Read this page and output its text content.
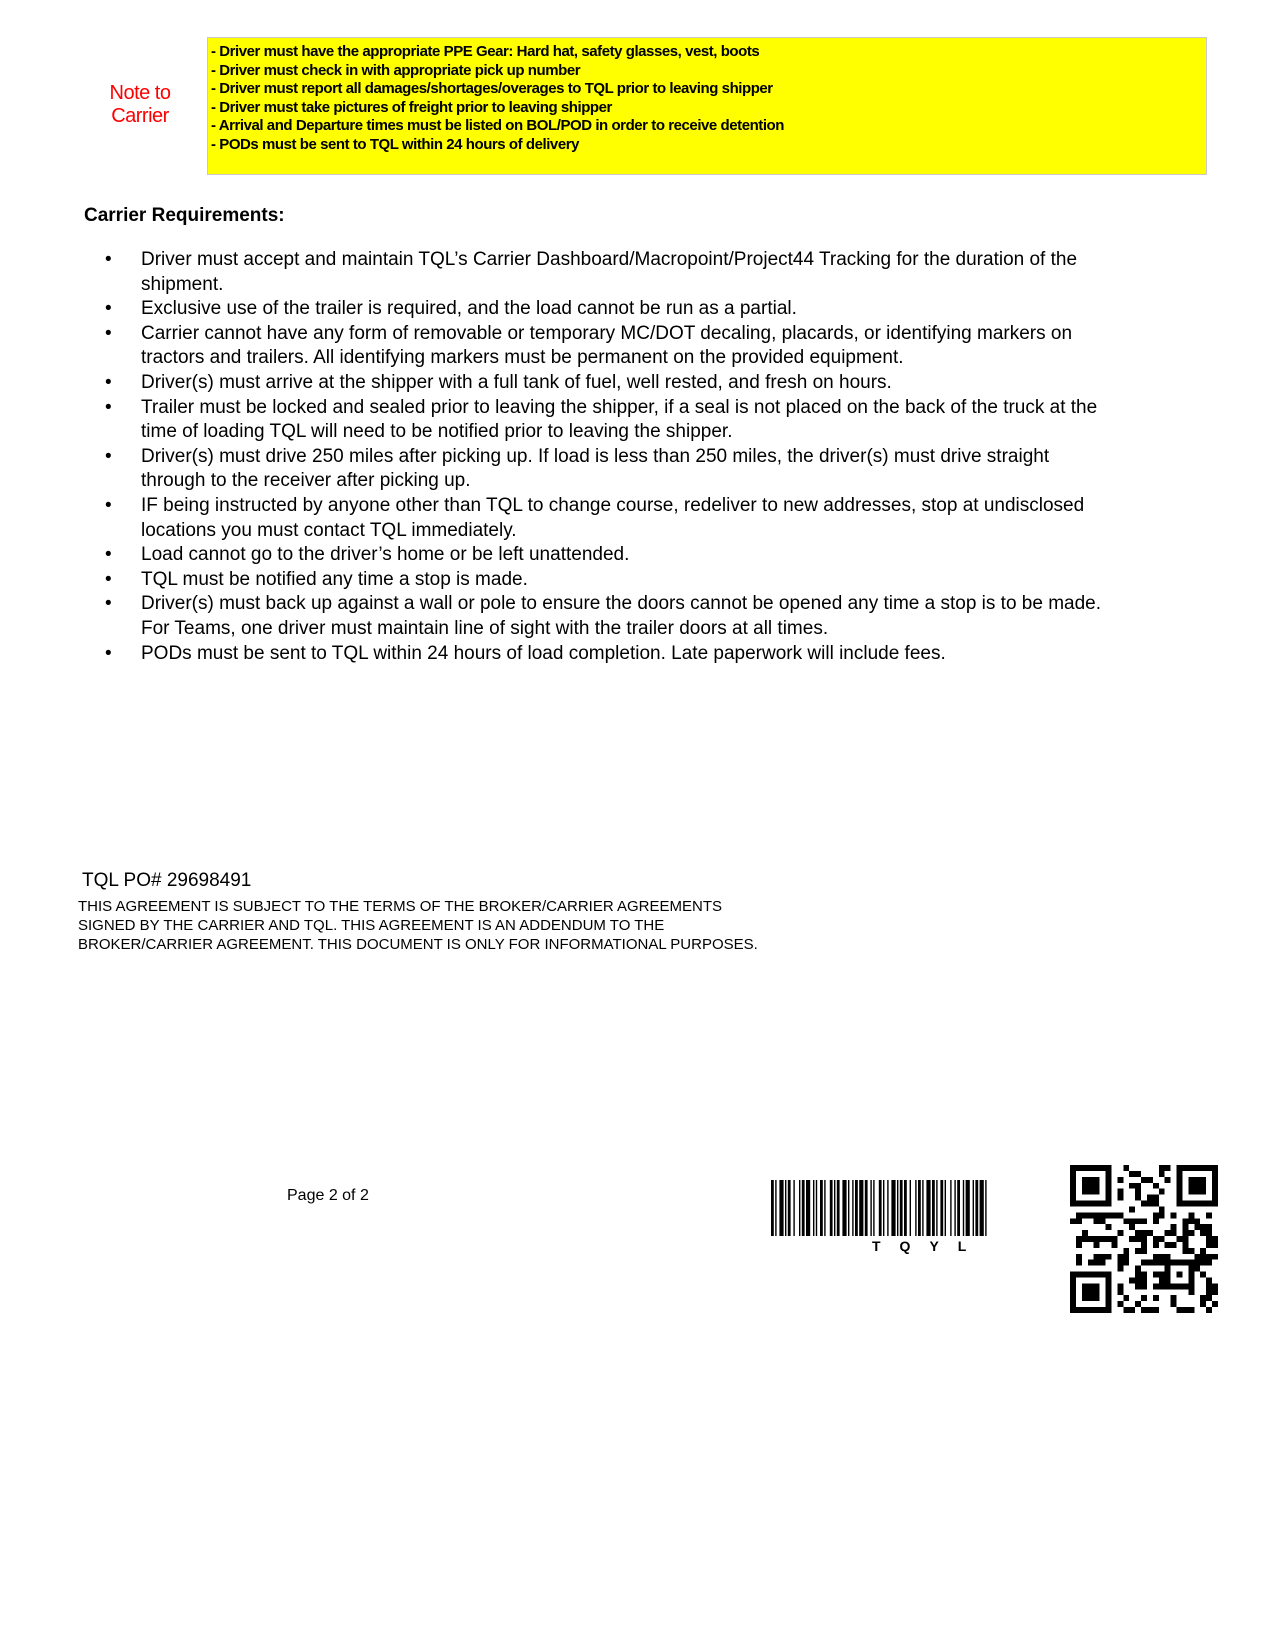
Note to
Carrier
- Driver must have the appropriate PPE Gear: Hard hat, safety glasses, vest, boots
- Driver must check in with appropriate pick up number
- Driver must report all damages/shortages/overages to TQL prior to leaving shipper
- Driver must take pictures of freight prior to leaving shipper
- Arrival and Departure times must be listed on BOL/POD in order to receive detention
- PODs must be sent to TQL within 24 hours of delivery
Carrier Requirements:
• Driver must accept and maintain TQL’s Carrier Dashboard/Macropoint/Project44 Tracking for the duration of the shipment.
• Exclusive use of the trailer is required, and the load cannot be run as a partial.
• Carrier cannot have any form of removable or temporary MC/DOT decaling, placards, or identifying markers on tractors and trailers. All identifying markers must be permanent on the provided equipment.
• Driver(s) must arrive at the shipper with a full tank of fuel, well rested, and fresh on hours.
• Trailer must be locked and sealed prior to leaving the shipper, if a seal is not placed on the back of the truck at the time of loading TQL will need to be notified prior to leaving the shipper.
• Driver(s) must drive 250 miles after picking up. If load is less than 250 miles, the driver(s) must drive straight through to the receiver after picking up.
• IF being instructed by anyone other than TQL to change course, redeliver to new addresses, stop at undisclosed locations you must contact TQL immediately.
• Load cannot go to the driver’s home or be left unattended.
• TQL must be notified any time a stop is made.
• Driver(s) must back up against a wall or pole to ensure the doors cannot be opened any time a stop is to be made. For Teams, one driver must maintain line of sight with the trailer doors at all times.
• PODs must be sent to TQL within 24 hours of load completion. Late paperwork will include fees.
TQL PO# 29698491
THIS AGREEMENT IS SUBJECT TO THE TERMS OF THE BROKER/CARRIER AGREEMENTS SIGNED BY THE CARRIER AND TQL. THIS AGREEMENT IS AN ADDENDUM TO THE BROKER/CARRIER AGREEMENT. THIS DOCUMENT IS ONLY FOR INFORMATIONAL PURPOSES.
Page 2 of 2
TQYL
